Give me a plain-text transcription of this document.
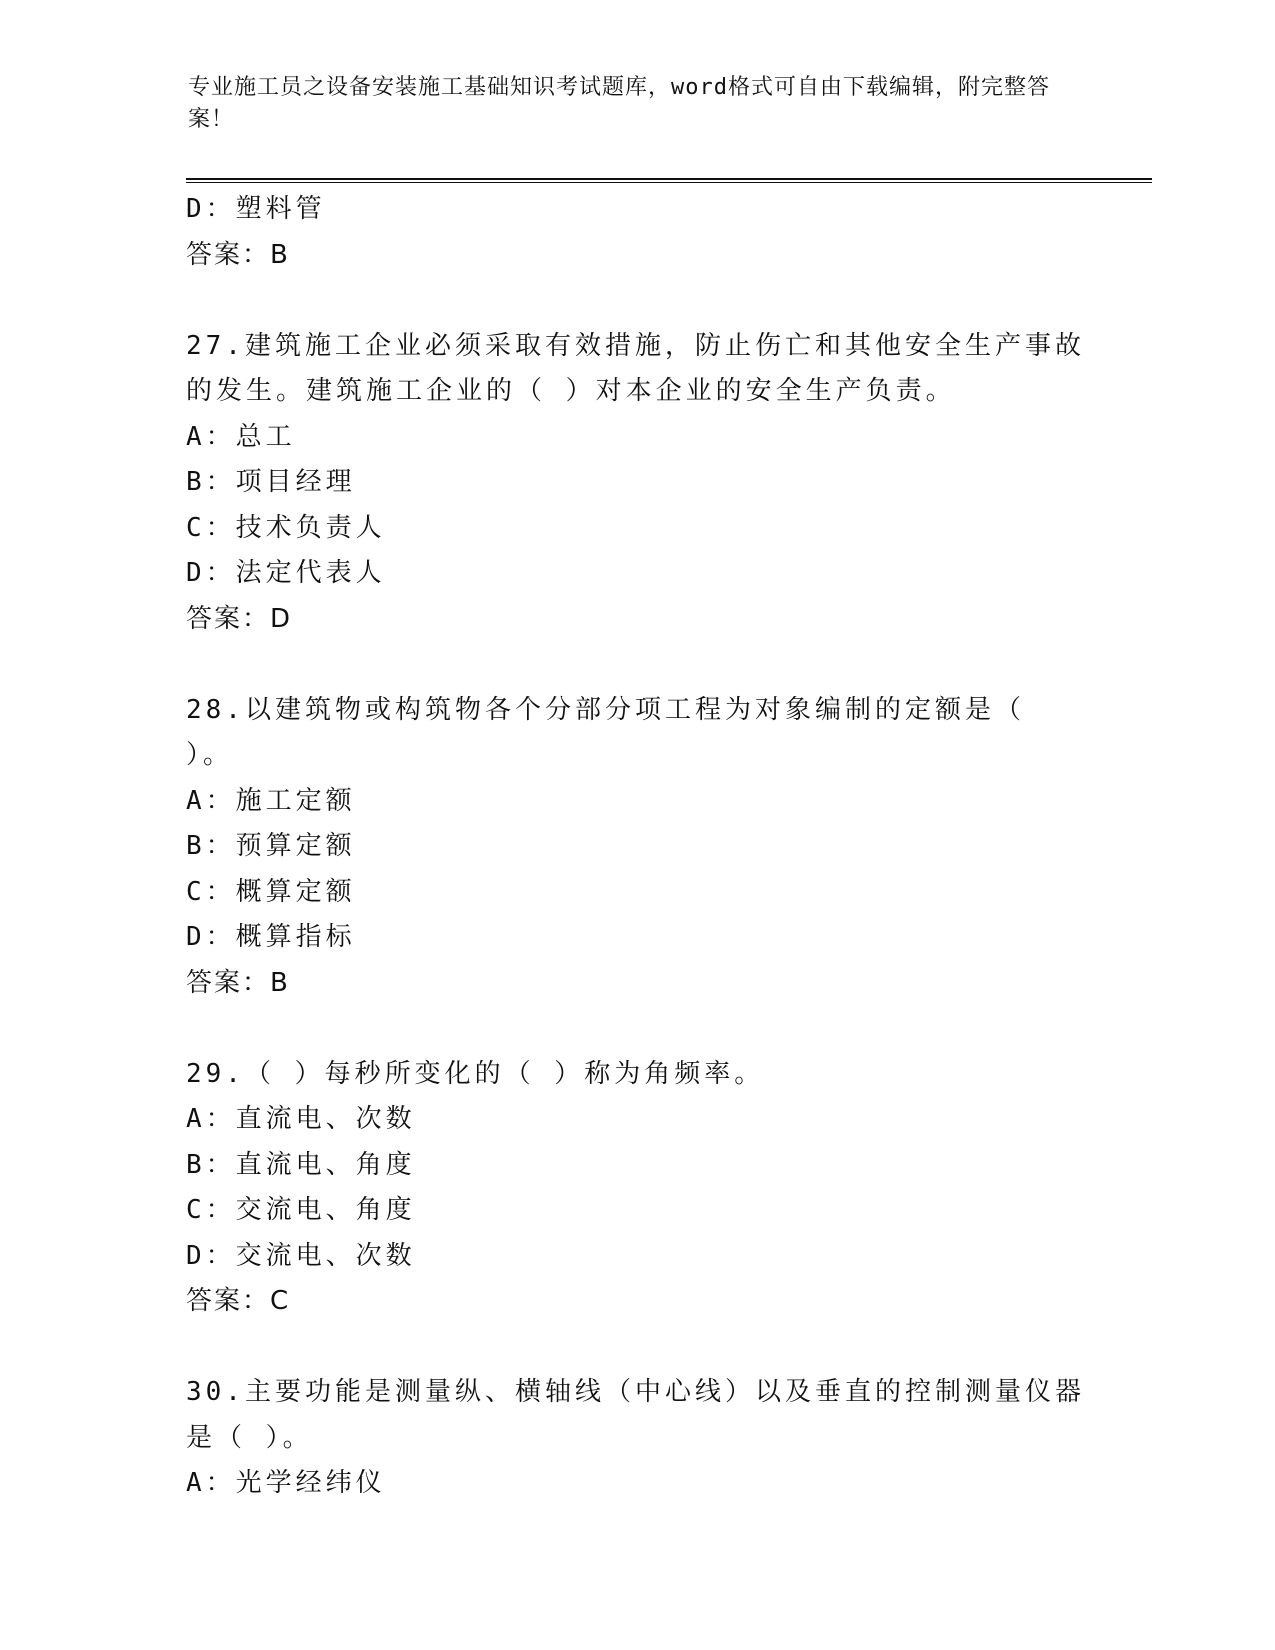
专业施工员之设备安装施工基础知识考试题库，word格式可自由下载编辑，附完整答案！
D：塑料管
答案：B
27.建筑施工企业必须采取有效措施，防止伤亡和其他安全生产事故的发生。建筑施工企业的（ ）对本企业的安全生产负责。
A：总工
B：项目经理
C：技术负责人
D：法定代表人
答案：D
28.以建筑物或构筑物各个分部分项工程为对象编制的定额是（ ）。
A：施工定额
B：预算定额
C：概算定额
D：概算指标
答案：B
29.（ ）每秒所变化的（ ）称为角频率。
A：直流电、次数
B：直流电、角度
C：交流电、角度
D：交流电、次数
答案：C
30.主要功能是测量纵、横轴线（中心线）以及垂直的控制测量仪器是（ ）。
A：光学经纬仪
